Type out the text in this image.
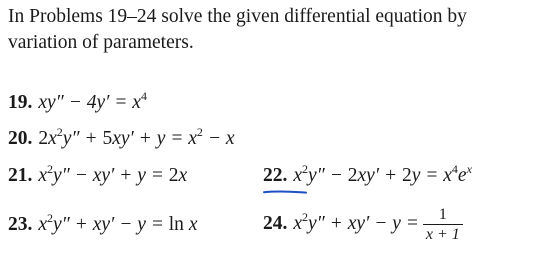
In Problems 19–24 solve the given differential equation by
variation of parameters.
19. $xy'' - 4y' = x^4$
20. $2x^2y'' + 5xy' + y = x^2 - x$
21. $x^2y'' - xy' + y = 2x$	22. $x^2y'' - 2xy' + 2y = x^4e^x$
23. $x^2y'' + xy' - y = \ln x$	24. $x^2y'' + xy' - y = \frac{1}{x + 1}$
